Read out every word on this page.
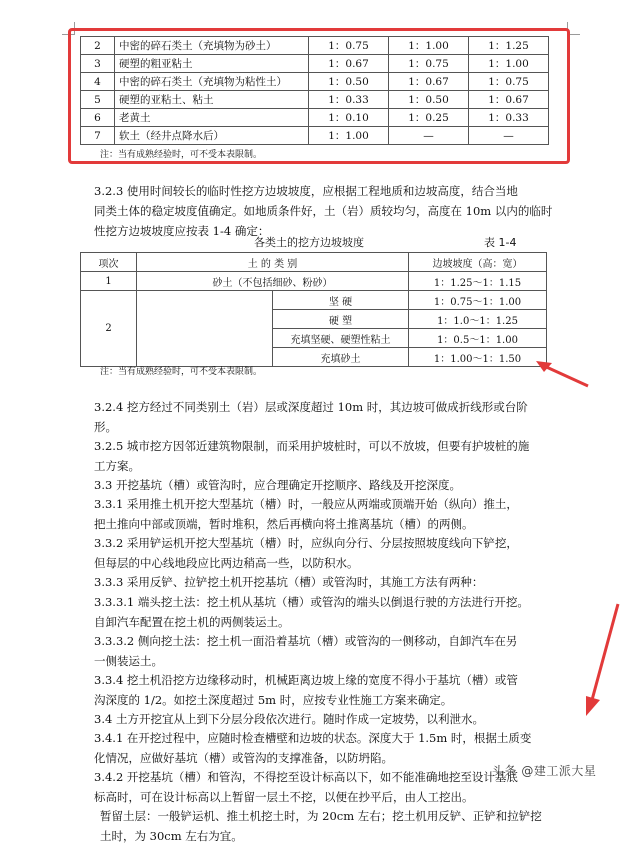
2	中密的碎石类土（充填物为砂土）	1：0.75	1：1.00	1：1.25
3	硬塑的粗亚粘土	1：0.67	1：0.75	1：1.00
4	中密的碎石类土（充填物为粘性土）	1：0.50	1：0.67	1：0.75
5	硬塑的亚粘土、粘土	1：0.33	1：0.50	1：0.67
6	老黄土	1：0.10	1：0.25	1：0.33
7	软土（经井点降水后）	1：1.00	—	—
注：当有成熟经验时，可不受本表限制。
3.2.3 使用时间较长的临时性挖方边坡坡度，应根据工程地质和边坡高度，结合当地
同类土体的稳定坡度值确定。如地质条件好，土（岩）质较均匀，高度在 10m 以内的临时
性挖方边坡坡度应按表 1-4 确定：
各类土的挖方边坡坡度	表 1-4
项次	土 的 类 别		边坡坡度（高：宽）
1	砂土（不包括细砂、粉砂）		1：1.25～1：1.15
2		坚 硬	1：0.75～1：1.00
		硬 塑	1：1.0～1：1.25
		充填坚硬、硬塑性粘土	1：0.5～1：1.00
		充填砂土	1：1.00～1：1.50
注：当有成熟经验时，可不受本表限制。
3.2.4 挖方经过不同类别土（岩）层或深度超过 10m 时，其边坡可做成折线形或台阶
形。
3.2.5 城市挖方因邻近建筑物限制，而采用护坡桩时，可以不放坡，但要有护坡桩的施
工方案。
3.3 开挖基坑（槽）或管沟时，应合理确定开挖顺序、路线及开挖深度。
3.3.1 采用推土机开挖大型基坑（槽）时，一般应从两端或顶端开始（纵向）推土，
把土推向中部或顶端，暂时堆积，然后再横向将土推离基坑（槽）的两侧。
3.3.2 采用铲运机开挖大型基坑（槽）时，应纵向分行、分层按照坡度线向下铲挖，
但每层的中心线地段应比两边稍高一些，以防积水。
3.3.3 采用反铲、拉铲挖土机开挖基坑（槽）或管沟时，其施工方法有两种：
3.3.3.1 端头挖土法：挖土机从基坑（槽）或管沟的端头以倒退行驶的方法进行开挖。
自卸汽车配置在挖土机的两侧装运土。
3.3.3.2 侧向挖土法：挖土机一面沿着基坑（槽）或管沟的一侧移动，自卸汽车在另
一侧装运土。
3.3.4 挖土机沿挖方边缘移动时，机械距离边坡上缘的宽度不得小于基坑（槽）或管
沟深度的 1/2。如挖土深度超过 5m 时，应按专业性施工方案来确定。
3.4 土方开挖宜从上到下分层分段依次进行。随时作成一定坡势，以利泄水。
3.4.1 在开挖过程中，应随时检查槽壁和边坡的状态。深度大于 1.5m 时，根据土质变
化情况，应做好基坑（槽）或管沟的支撑准备，以防坍陷。
3.4.2 开挖基坑（槽）和管沟，不得挖至设计标高以下，如不能准确地挖至设计基底
标高时，可在设计标高以上暂留一层土不挖，以便在抄平后，由人工挖出。
暂留土层：一般铲运机、推土机挖土时，为 20cm 左右；挖土机用反铲、正铲和拉铲挖
土时，为 30cm 左右为宜。
头条 @建工派大星
